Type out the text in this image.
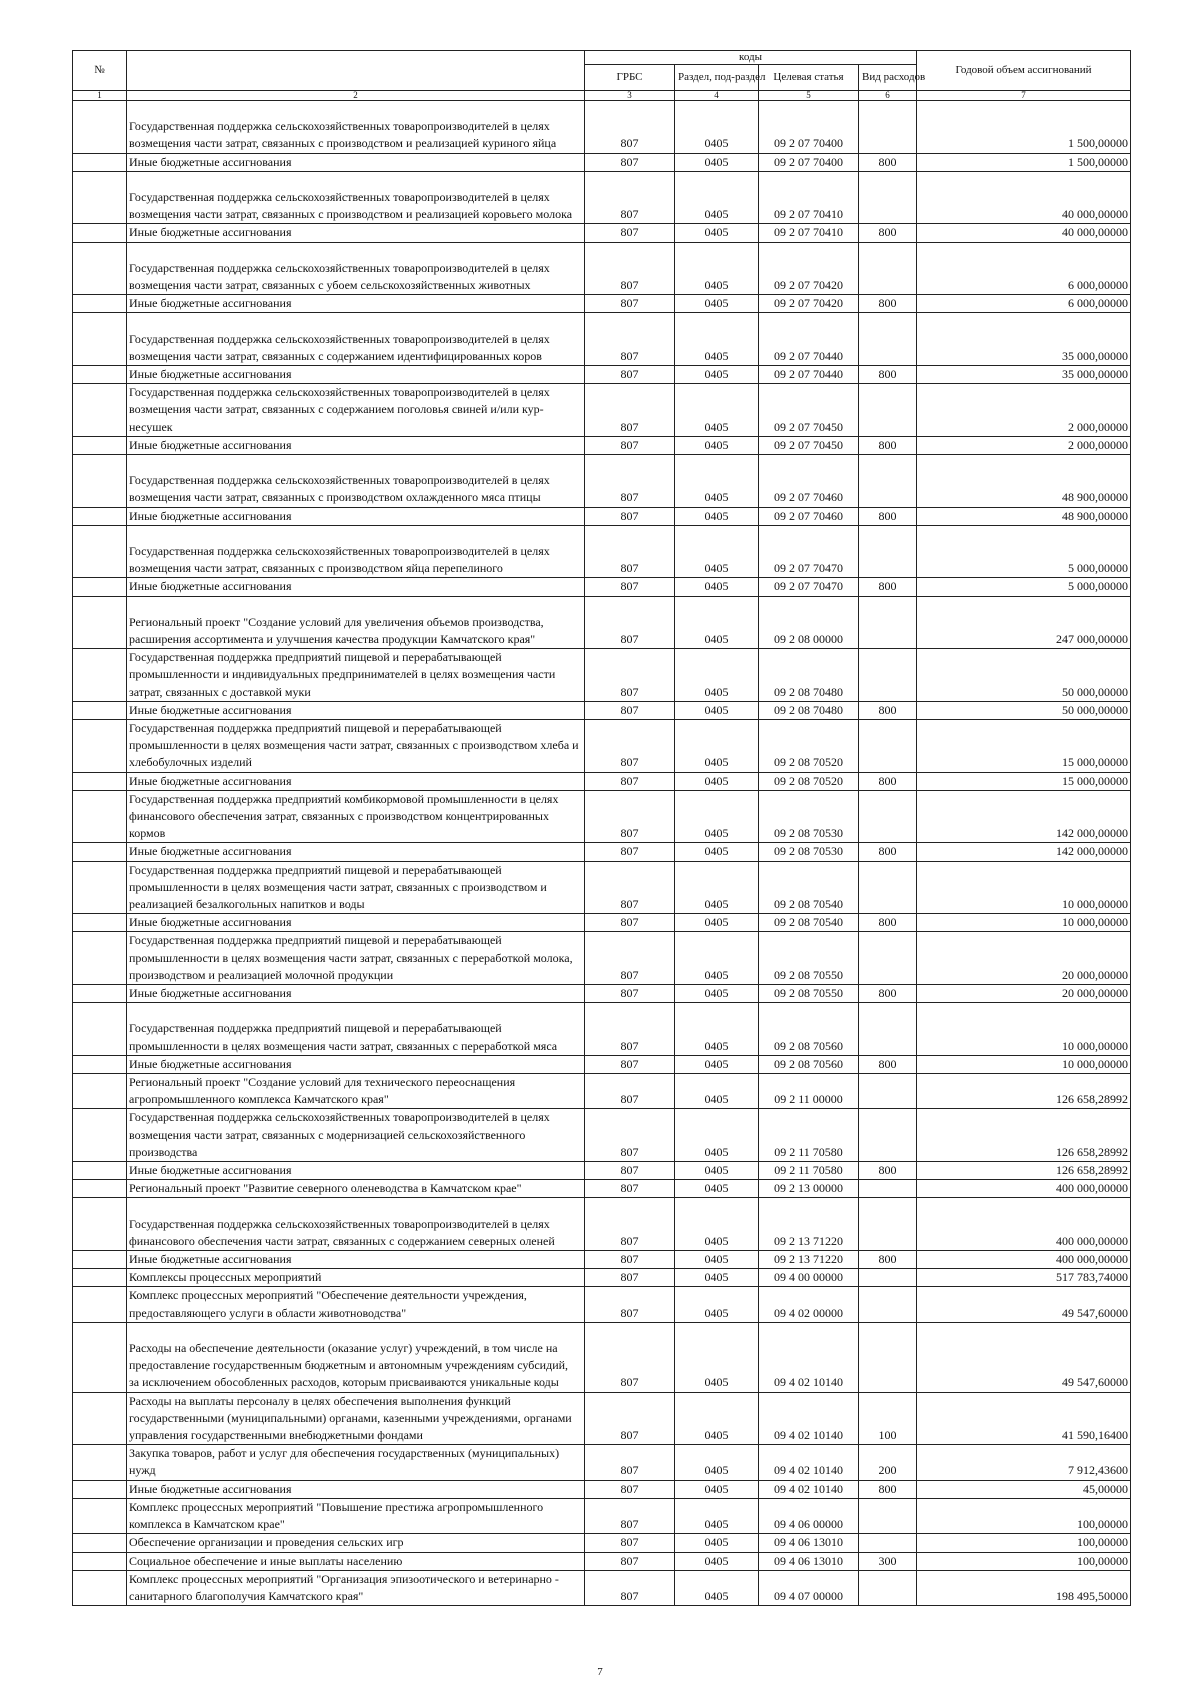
№		коды				Годовой объем ассигнований
		ГРБС	Раздел, под-раздел	Целевая статья	Вид расходов	
1	2	3	4	5	6	7
	Государственная поддержка сельскохозяйственных товаропроизводителей в целях возмещения части затрат, связанных с производством и реализацией куриного яйца	807	0405	09 2 07 70400		1 500,00000
	Иные бюджетные ассигнования	807	0405	09 2 07 70400	800	1 500,00000
	Государственная поддержка сельскохозяйственных товаропроизводителей в целях возмещения части затрат, связанных с производством и реализацией коровьего молока	807	0405	09 2 07 70410		40 000,00000
	Иные бюджетные ассигнования	807	0405	09 2 07 70410	800	40 000,00000
	Государственная поддержка сельскохозяйственных товаропроизводителей в целях возмещения части затрат, связанных с убоем сельскохозяйственных животных	807	0405	09 2 07 70420		6 000,00000
	Иные бюджетные ассигнования	807	0405	09 2 07 70420	800	6 000,00000
	Государственная поддержка сельскохозяйственных товаропроизводителей в целях возмещения части затрат, связанных с содержанием идентифицированных коров	807	0405	09 2 07 70440		35 000,00000
	Иные бюджетные ассигнования	807	0405	09 2 07 70440	800	35 000,00000
	Государственная поддержка сельскохозяйственных товаропроизводителей в целях возмещения части затрат, связанных с содержанием поголовья свиней и/или кур-несушек	807	0405	09 2 07 70450		2 000,00000
	Иные бюджетные ассигнования	807	0405	09 2 07 70450	800	2 000,00000
	Государственная поддержка сельскохозяйственных товаропроизводителей в целях возмещения части затрат, связанных с производством охлажденного мяса птицы	807	0405	09 2 07 70460		48 900,00000
	Иные бюджетные ассигнования	807	0405	09 2 07 70460	800	48 900,00000
	Государственная поддержка сельскохозяйственных товаропроизводителей в целях возмещения части затрат, связанных с производством яйца перепелиного	807	0405	09 2 07 70470		5 000,00000
	Иные бюджетные ассигнования	807	0405	09 2 07 70470	800	5 000,00000
	Региональный проект "Создание условий для увеличения объемов производства, расширения ассортимента и улучшения качества продукции Камчатского края"	807	0405	09 2 08 00000		247 000,00000
	Государственная поддержка предприятий пищевой и перерабатывающей промышленности и индивидуальных предпринимателей в целях возмещения части затрат, связанных с доставкой муки	807	0405	09 2 08 70480		50 000,00000
	Иные бюджетные ассигнования	807	0405	09 2 08 70480	800	50 000,00000
	Государственная поддержка предприятий пищевой и перерабатывающей промышленности в целях возмещения части затрат, связанных с производством хлеба и хлебобулочных изделий	807	0405	09 2 08 70520		15 000,00000
	Иные бюджетные ассигнования	807	0405	09 2 08 70520	800	15 000,00000
	Государственная поддержка предприятий комбикормовой промышленности в целях финансового обеспечения затрат, связанных с производством концентрированных кормов	807	0405	09 2 08 70530		142 000,00000
	Иные бюджетные ассигнования	807	0405	09 2 08 70530	800	142 000,00000
	Государственная поддержка предприятий пищевой и перерабатывающей промышленности в целях возмещения части затрат, связанных с производством и реализацией безалкогольных напитков и воды	807	0405	09 2 08 70540		10 000,00000
	Иные бюджетные ассигнования	807	0405	09 2 08 70540	800	10 000,00000
	Государственная поддержка предприятий пищевой и перерабатывающей промышленности в целях возмещения части затрат, связанных с переработкой молока, производством и реализацией молочной продукции	807	0405	09 2 08 70550		20 000,00000
	Иные бюджетные ассигнования	807	0405	09 2 08 70550	800	20 000,00000
	Государственная поддержка предприятий пищевой и перерабатывающей промышленности в целях возмещения части затрат, связанных с переработкой мяса	807	0405	09 2 08 70560		10 000,00000
	Иные бюджетные ассигнования	807	0405	09 2 08 70560	800	10 000,00000
	Региональный проект "Создание условий для технического переоснащения агропромышленного комплекса Камчатского края"	807	0405	09 2 11 00000		126 658,28992
	Государственная поддержка сельскохозяйственных товаропроизводителей в целях возмещения части затрат, связанных с модернизацией сельскохозяйственного производства	807	0405	09 2 11 70580		126 658,28992
	Иные бюджетные ассигнования	807	0405	09 2 11 70580	800	126 658,28992
	Региональный проект "Развитие северного оленеводства в Камчатском крае"	807	0405	09 2 13 00000		400 000,00000
	Государственная поддержка сельскохозяйственных товаропроизводителей в целях финансового обеспечения части затрат, связанных с содержанием северных оленей	807	0405	09 2 13 71220		400 000,00000
	Иные бюджетные ассигнования	807	0405	09 2 13 71220	800	400 000,00000
	Комплексы процессных мероприятий	807	0405	09 4 00 00000		517 783,74000
	Комплекс процессных мероприятий "Обеспечение деятельности учреждения, предоставляющего услуги в области животноводства"	807	0405	09 4 02 00000		49 547,60000
	Расходы на обеспечение деятельности (оказание услуг) учреждений, в том числе на предоставление государственным бюджетным и автономным учреждениям субсидий, за исключением обособленных расходов, которым присваиваются уникальные коды	807	0405	09 4 02 10140		49 547,60000
	Расходы на выплаты персоналу в целях обеспечения выполнения функций государственными (муниципальными) органами, казенными учреждениями, органами управления государственными внебюджетными фондами	807	0405	09 4 02 10140	100	41 590,16400
	Закупка товаров, работ и услуг для обеспечения государственных (муниципальных) нужд	807	0405	09 4 02 10140	200	7 912,43600
	Иные бюджетные ассигнования	807	0405	09 4 02 10140	800	45,00000
	Комплекс процессных мероприятий "Повышение престижа агропромышленного комплекса в Камчатском крае"	807	0405	09 4 06 00000		100,00000
	Обеспечение организации и проведения сельских игр	807	0405	09 4 06 13010		100,00000
	Социальное обеспечение и иные выплаты населению	807	0405	09 4 06 13010	300	100,00000
	Комплекс процессных мероприятий "Организация эпизоотического и ветеринарно - санитарного благополучия Камчатского края"	807	0405	09 4 07 00000		198 495,50000
7
